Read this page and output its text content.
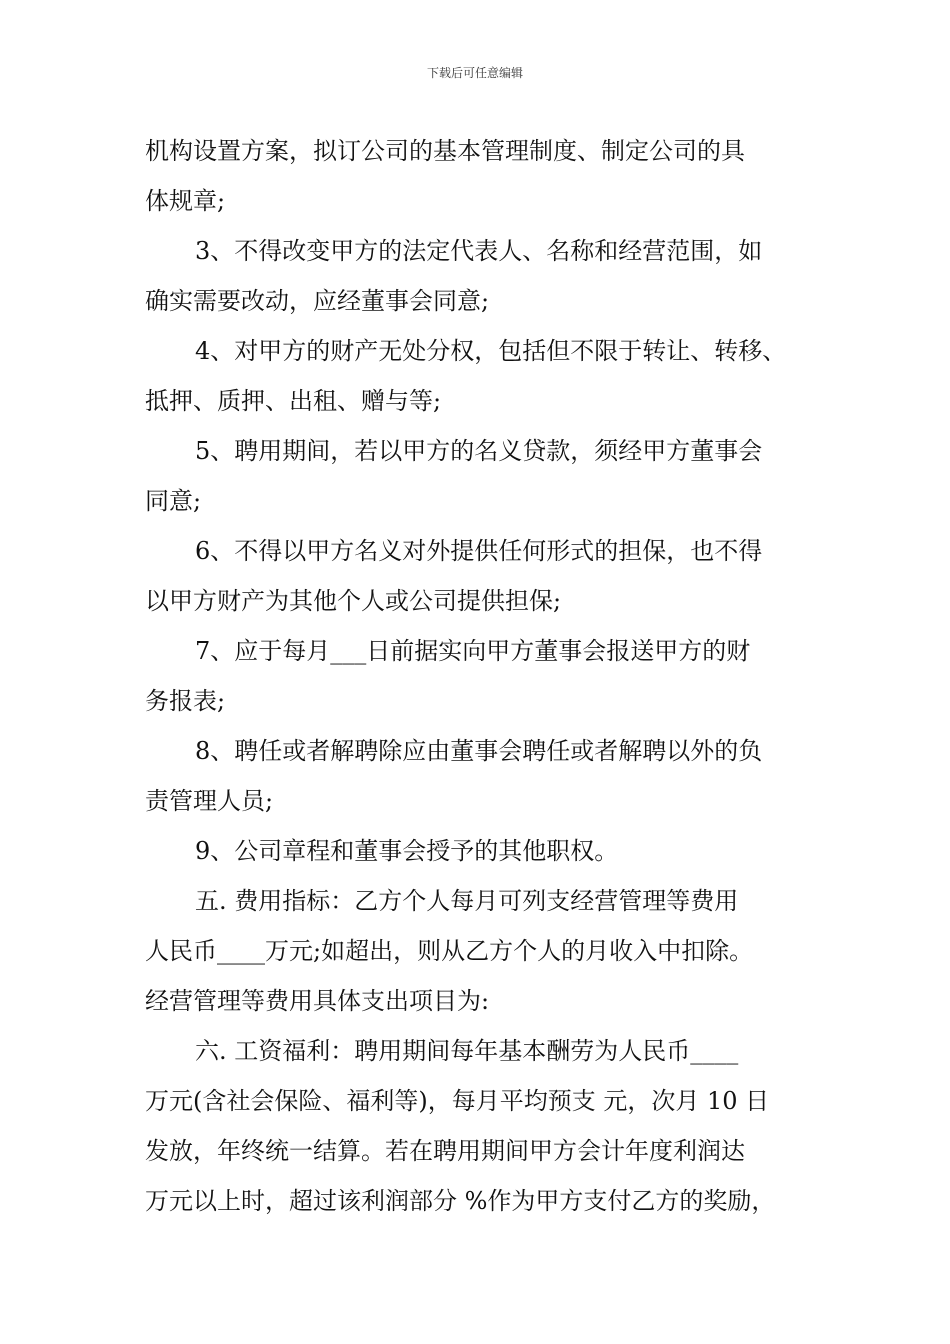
下载后可任意编辑
机构设置方案，拟订公司的基本管理制度、制定公司的具
体规章;
3、不得改变甲方的法定代表人、名称和经营范围，如
确实需要改动，应经董事会同意;
4、对甲方的财产无处分权，包括但不限于转让、转移、
抵押、质押、出租、赠与等;
5、聘用期间，若以甲方的名义贷款，须经甲方董事会
同意;
6、不得以甲方名义对外提供任何形式的担保，也不得
以甲方财产为其他个人或公司提供担保;
7、应于每月___日前据实向甲方董事会报送甲方的财
务报表;
8、聘任或者解聘除应由董事会聘任或者解聘以外的负
责管理人员;
9、公司章程和董事会授予的其他职权。
五. 费用指标：乙方个人每月可列支经营管理等费用
人民币____万元;如超出，则从乙方个人的月收入中扣除。
经营管理等费用具体支出项目为:
六. 工资福利：聘用期间每年基本酬劳为人民币____
万元(含社会保险、福利等)，每月平均预支 元，次月 10 日
发放，年终统一结算。若在聘用期间甲方会计年度利润达
万元以上时，超过该利润部分 %作为甲方支付乙方的奖励，
